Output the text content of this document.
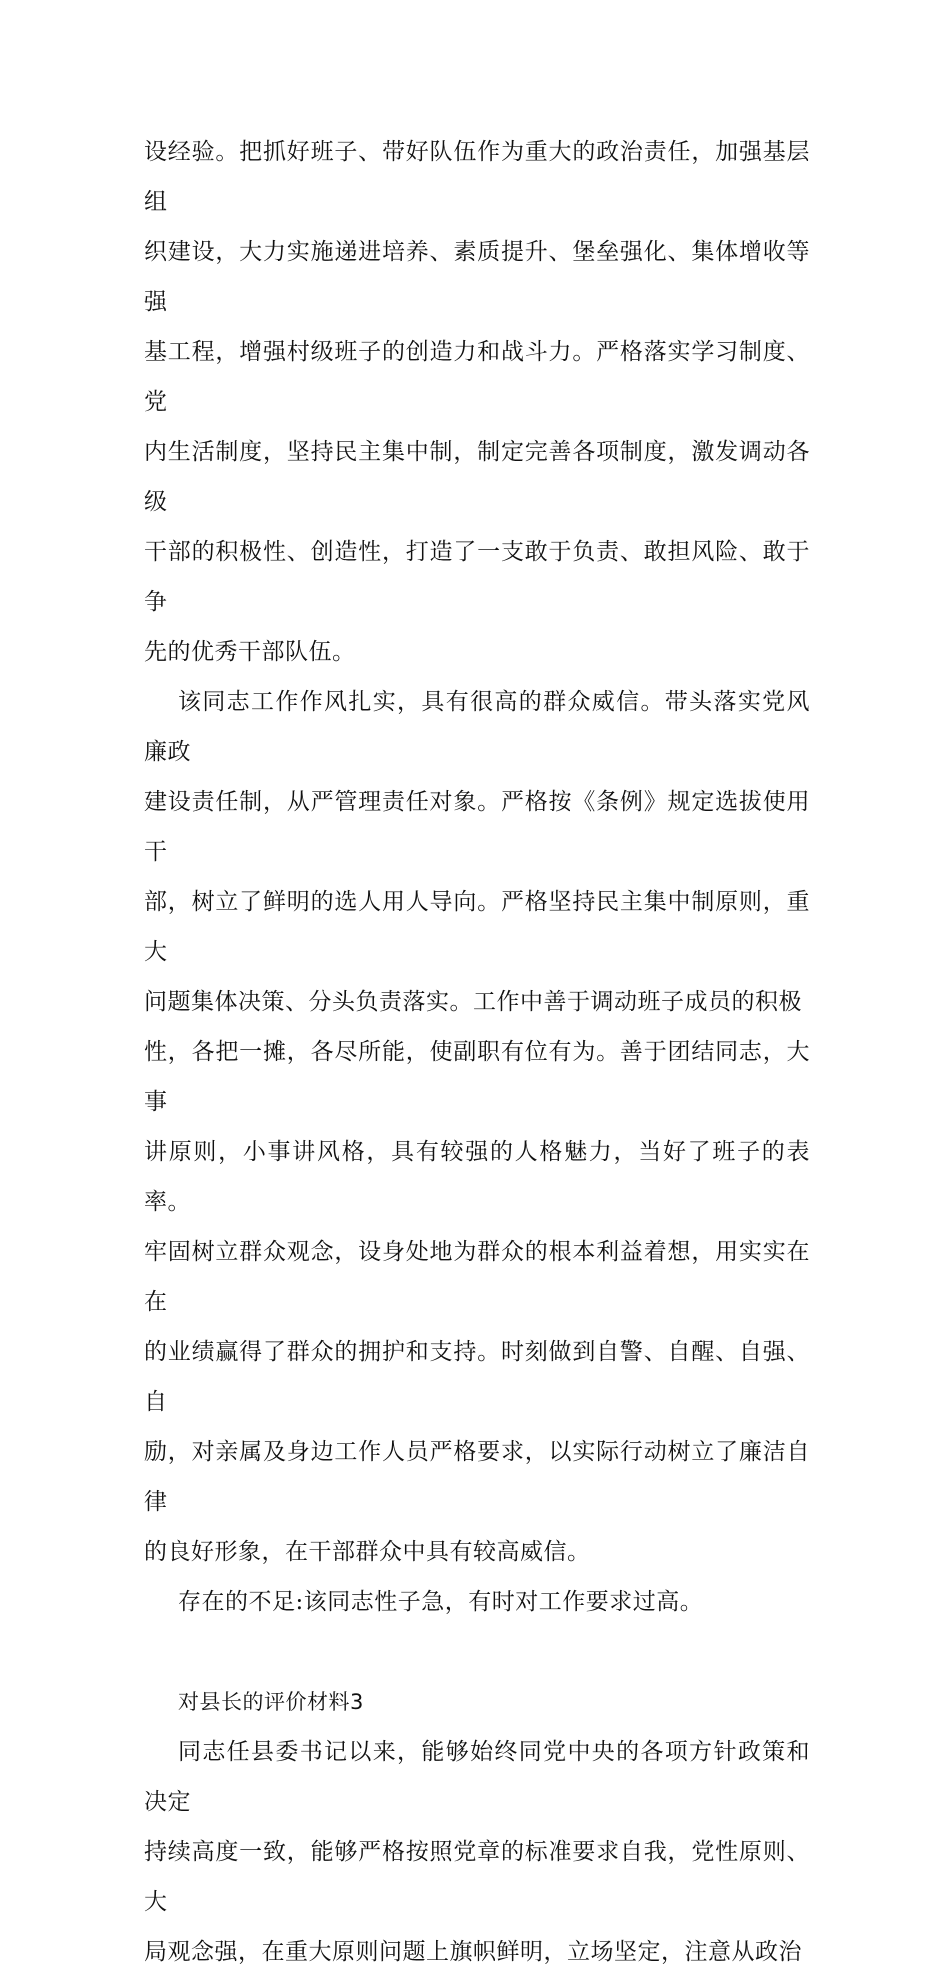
设经验。把抓好班子、带好队伍作为重大的政治责任，加强基层组
织建设，大力实施递进培养、素质提升、堡垒强化、集体增收等强
基工程，增强村级班子的创造力和战斗力。严格落实学习制度、党
内生活制度，坚持民主集中制，制定完善各项制度，激发调动各级
干部的积极性、创造性，打造了一支敢于负责、敢担风险、敢于争
先的优秀干部队伍。

该同志工作作风扎实，具有很高的群众威信。带头落实党风廉政
建设责任制，从严管理责任对象。严格按《条例》规定选拔使用干
部，树立了鲜明的选人用人导向。严格坚持民主集中制原则，重大
问题集体决策、分头负责落实。工作中善于调动班子成员的积极
性，各把一摊，各尽所能，使副职有位有为。善于团结同志，大事
讲原则，小事讲风格，具有较强的人格魅力，当好了班子的表率。
牢固树立群众观念，设身处地为群众的根本利益着想，用实实在在
的业绩赢得了群众的拥护和支持。时刻做到自警、自醒、自强、自
励，对亲属及身边工作人员严格要求，以实际行动树立了廉洁自律
的良好形象，在干部群众中具有较高威信。

存在的不足:该同志性子急，有时对工作要求过高。

对县长的评价材料3

同志任县委书记以来，能够始终同党中央的各项方针政策和决定
持续高度一致，能够严格按照党章的标准要求自我，党性原则、大
局观念强，在重大原则问题上旗帜鲜明，立场坚定，注意从政治
